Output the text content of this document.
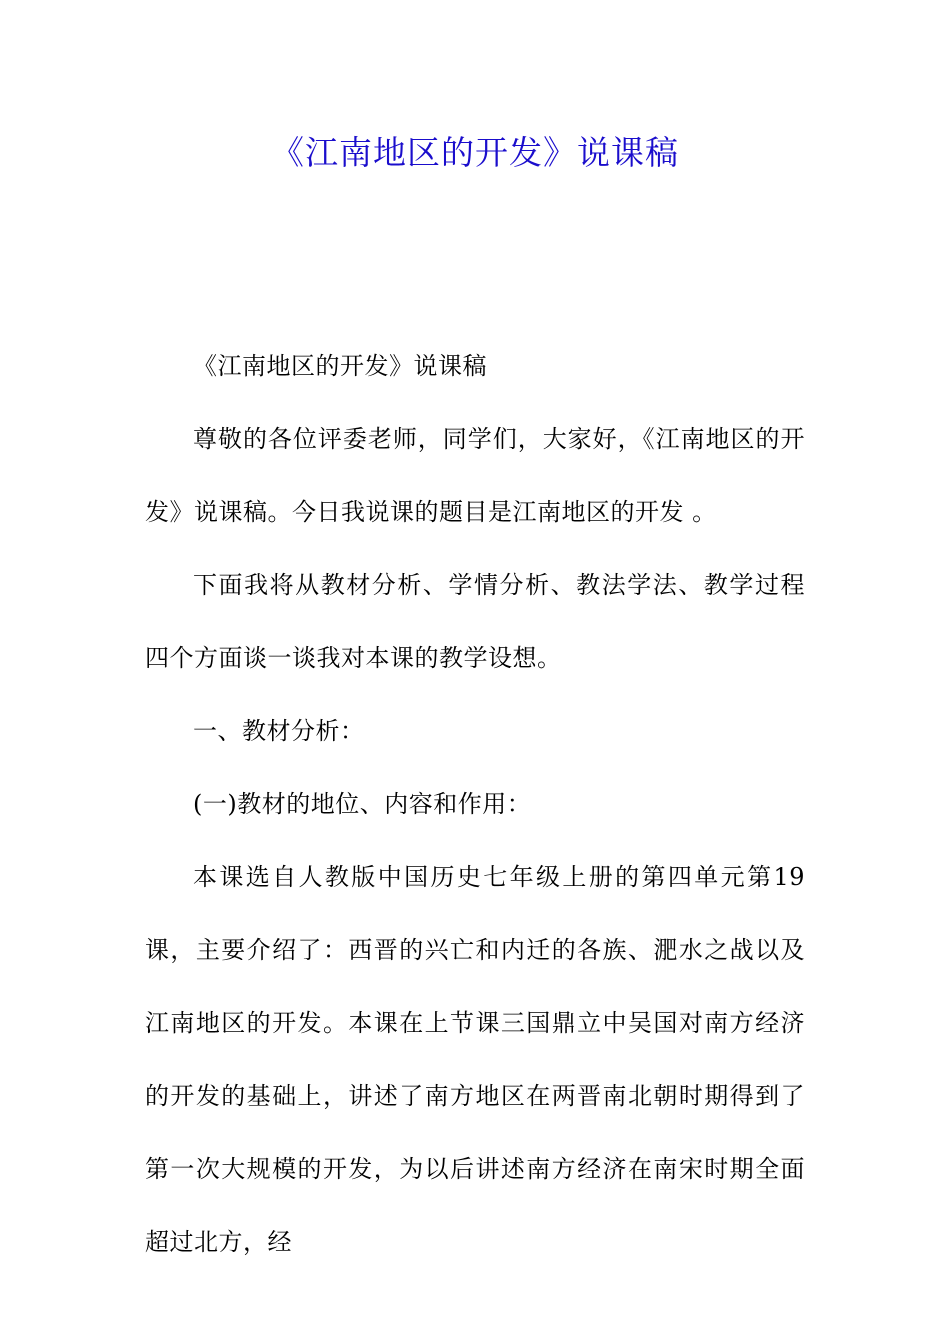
《江南地区的开发》说课稿

《江南地区的开发》说课稿

尊敬的各位评委老师，同学们，大家好，《江南地区的开发》说课稿。今日我说课的题目是江南地区的开发 。

下面我将从教材分析、学情分析、教法学法、教学过程四个方面谈一谈我对本课的教学设想。

一、教材分析：

(一)教材的地位、内容和作用：

本课选自人教版中国历史七年级上册的第四单元第19课，主要介绍了：西晋的兴亡和内迁的各族、淝水之战以及江南地区的开发。本课在上节课三国鼎立中吴国对南方经济的开发的基础上，讲述了南方地区在两晋南北朝时期得到了第一次大规模的开发，为以后讲述南方经济在南宋时期全面超过北方，经
